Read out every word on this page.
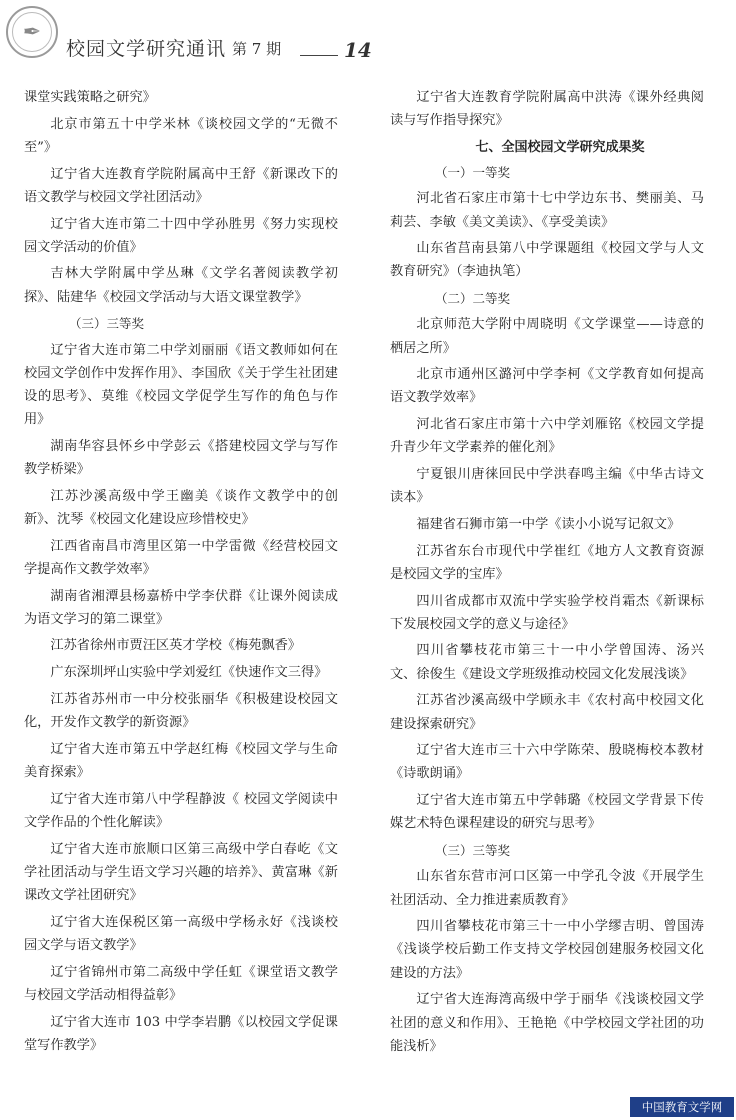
✒
校园文学研究通讯 第 7 期	14

课堂实践策略之研究》

北京市第五十中学米林《谈校园文学的“无微不至”》

辽宁省大连教育学院附属高中王舒《新课改下的语文教学与校园文学社团活动》

辽宁省大连市第二十四中学孙胜男《努力实现校园文学活动的价值》

吉林大学附属中学丛琳《文学名著阅读教学初探》、陆建华《校园文学活动与大语文课堂教学》

（三）三等奖

辽宁省大连市第二中学刘丽丽《语文教师如何在校园文学创作中发挥作用》、李国欣《关于学生社团建设的思考》、莫维《校园文学促学生写作的角色与作用》

湖南华容县怀乡中学彭云《搭建校园文学与写作教学桥梁》

江苏沙溪高级中学王幽美《谈作文教学中的创新》、沈琴《校园文化建设应珍惜校史》

江西省南昌市湾里区第一中学雷微《经营校园文学提高作文教学效率》

湖南省湘潭县杨嘉桥中学李伏群《让课外阅读成为语文学习的第二课堂》

江苏省徐州市贾汪区英才学校《梅苑飘香》

广东深圳坪山实验中学刘爱红《快速作文三得》

江苏省苏州市一中分校张丽华《积极建设校园文化，开发作文教学的新资源》

辽宁省大连市第五中学赵红梅《校园文学与生命美育探索》

辽宁省大连市第八中学程静波《 校园文学阅读中文学作品的个性化解读》

辽宁省大连市旅顺口区第三高级中学白春屹《文学社团活动与学生语文学习兴趣的培养》、黄富琳《新课改文学社团研究》

辽宁省大连保税区第一高级中学杨永好《浅谈校园文学与语文教学》

辽宁省锦州市第二高级中学任虹《课堂语文教学与校园文学活动相得益彰》

辽宁省大连市 103 中学李岩鹏《以校园文学促课堂写作教学》

辽宁省大连教育学院附属高中洪涛《课外经典阅读与写作指导探究》

七、全国校园文学研究成果奖

（一）一等奖

河北省石家庄市第十七中学边东书、樊丽美、马莉芸、李敏《美文美读》、《享受美读》

山东省莒南县第八中学课题组《校园文学与人文教育研究》（李迪执笔）

（二）二等奖

北京师范大学附中周晓明《文学课堂——诗意的栖居之所》

北京市通州区潞河中学李柯《文学教育如何提高语文教学效率》

河北省石家庄市第十六中学刘雁铭《校园文学提升青少年文学素养的催化剂》

宁夏银川唐徕回民中学洪春鸣主编《中华古诗文读本》

福建省石狮市第一中学《读小小说写记叙文》

江苏省东台市现代中学崔红《地方人文教育资源是校园文学的宝库》

四川省成都市双流中学实验学校肖霜杰《新课标下发展校园文学的意义与途径》

四川省攀枝花市第三十一中小学曾国涛、汤兴文、徐俊生《建设文学班级推动校园文化发展浅谈》

江苏省沙溪高级中学顾永丰《农村高中校园文化建设探索研究》

辽宁省大连市三十六中学陈荣、殷晓梅校本教材《诗歌朗诵》

辽宁省大连市第五中学韩璐《校园文学背景下传媒艺术特色课程建设的研究与思考》

（三）三等奖

山东省东营市河口区第一中学孔令波《开展学生社团活动、全力推进素质教育》

四川省攀枝花市第三十一中小学缪吉明、曾国涛《浅谈学校后勤工作支持文学校园创建服务校园文化建设的方法》

辽宁省大连海湾高级中学于丽华《浅谈校园文学社团的意义和作用》、王艳艳《中学校园文学社团的功能浅析》

中国教育文学网
